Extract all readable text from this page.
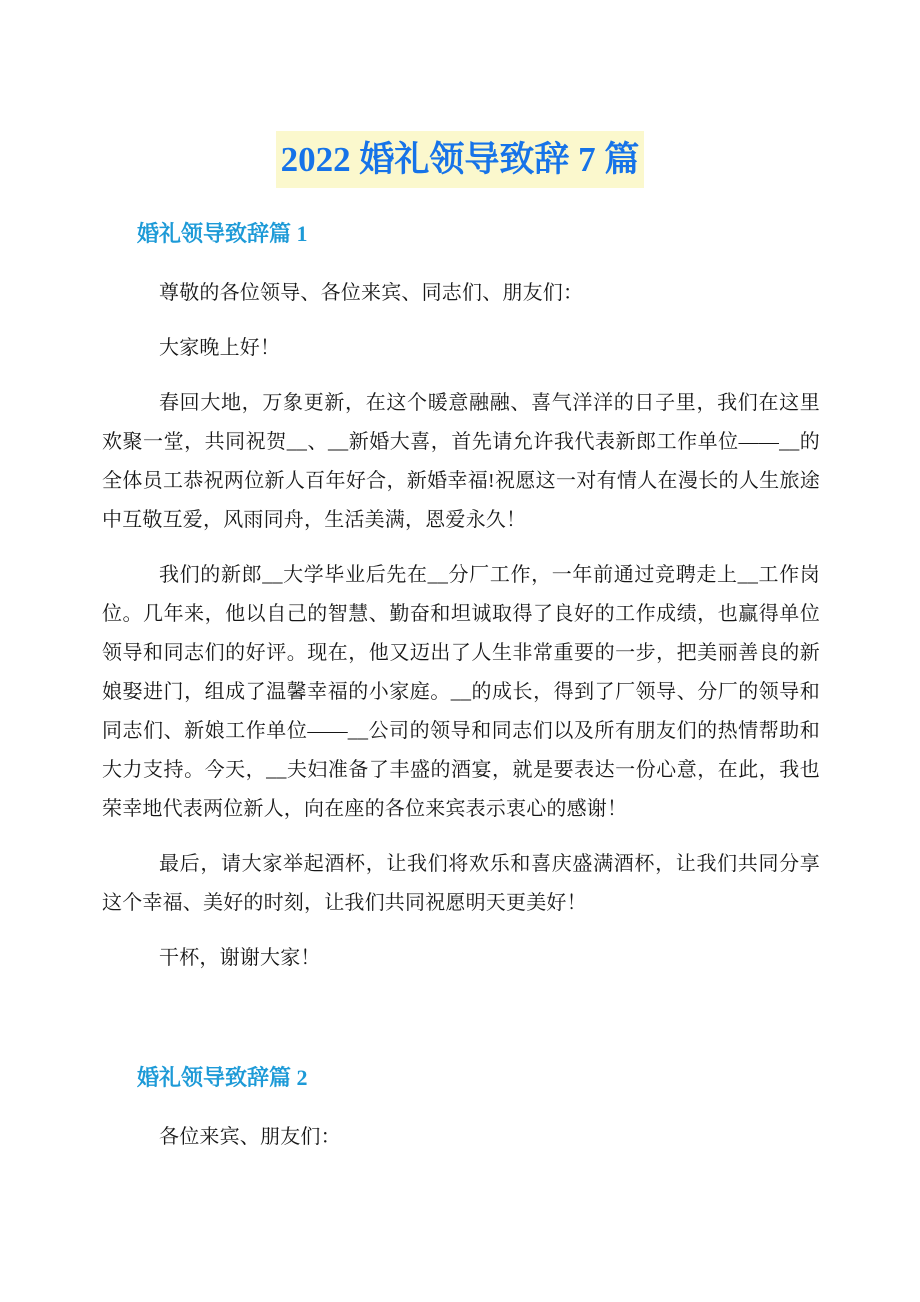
2022 婚礼领导致辞 7 篇
婚礼领导致辞篇 1

尊敬的各位领导、各位来宾、同志们、朋友们：

大家晚上好！

春回大地，万象更新，在这个暖意融融、喜气洋洋的日子里，我们在这里欢聚一堂，共同祝贺__、__新婚大喜，首先请允许我代表新郎工作单位——__的全体员工恭祝两位新人百年好合，新婚幸福!祝愿这一对有情人在漫长的人生旅途中互敬互爱，风雨同舟，生活美满，恩爱永久！

我们的新郎__大学毕业后先在__分厂工作，一年前通过竞聘走上__工作岗位。几年来，他以自己的智慧、勤奋和坦诚取得了良好的工作成绩，也赢得单位领导和同志们的好评。现在，他又迈出了人生非常重要的一步，把美丽善良的新娘娶进门，组成了温馨幸福的小家庭。__的成长，得到了厂领导、分厂的领导和同志们、新娘工作单位——__公司的领导和同志们以及所有朋友们的热情帮助和大力支持。今天，__夫妇准备了丰盛的酒宴，就是要表达一份心意，在此，我也荣幸地代表两位新人，向在座的各位来宾表示衷心的感谢！

最后，请大家举起酒杯，让我们将欢乐和喜庆盛满酒杯，让我们共同分享这个幸福、美好的时刻，让我们共同祝愿明天更美好！

干杯，谢谢大家！

婚礼领导致辞篇 2

各位来宾、朋友们：
